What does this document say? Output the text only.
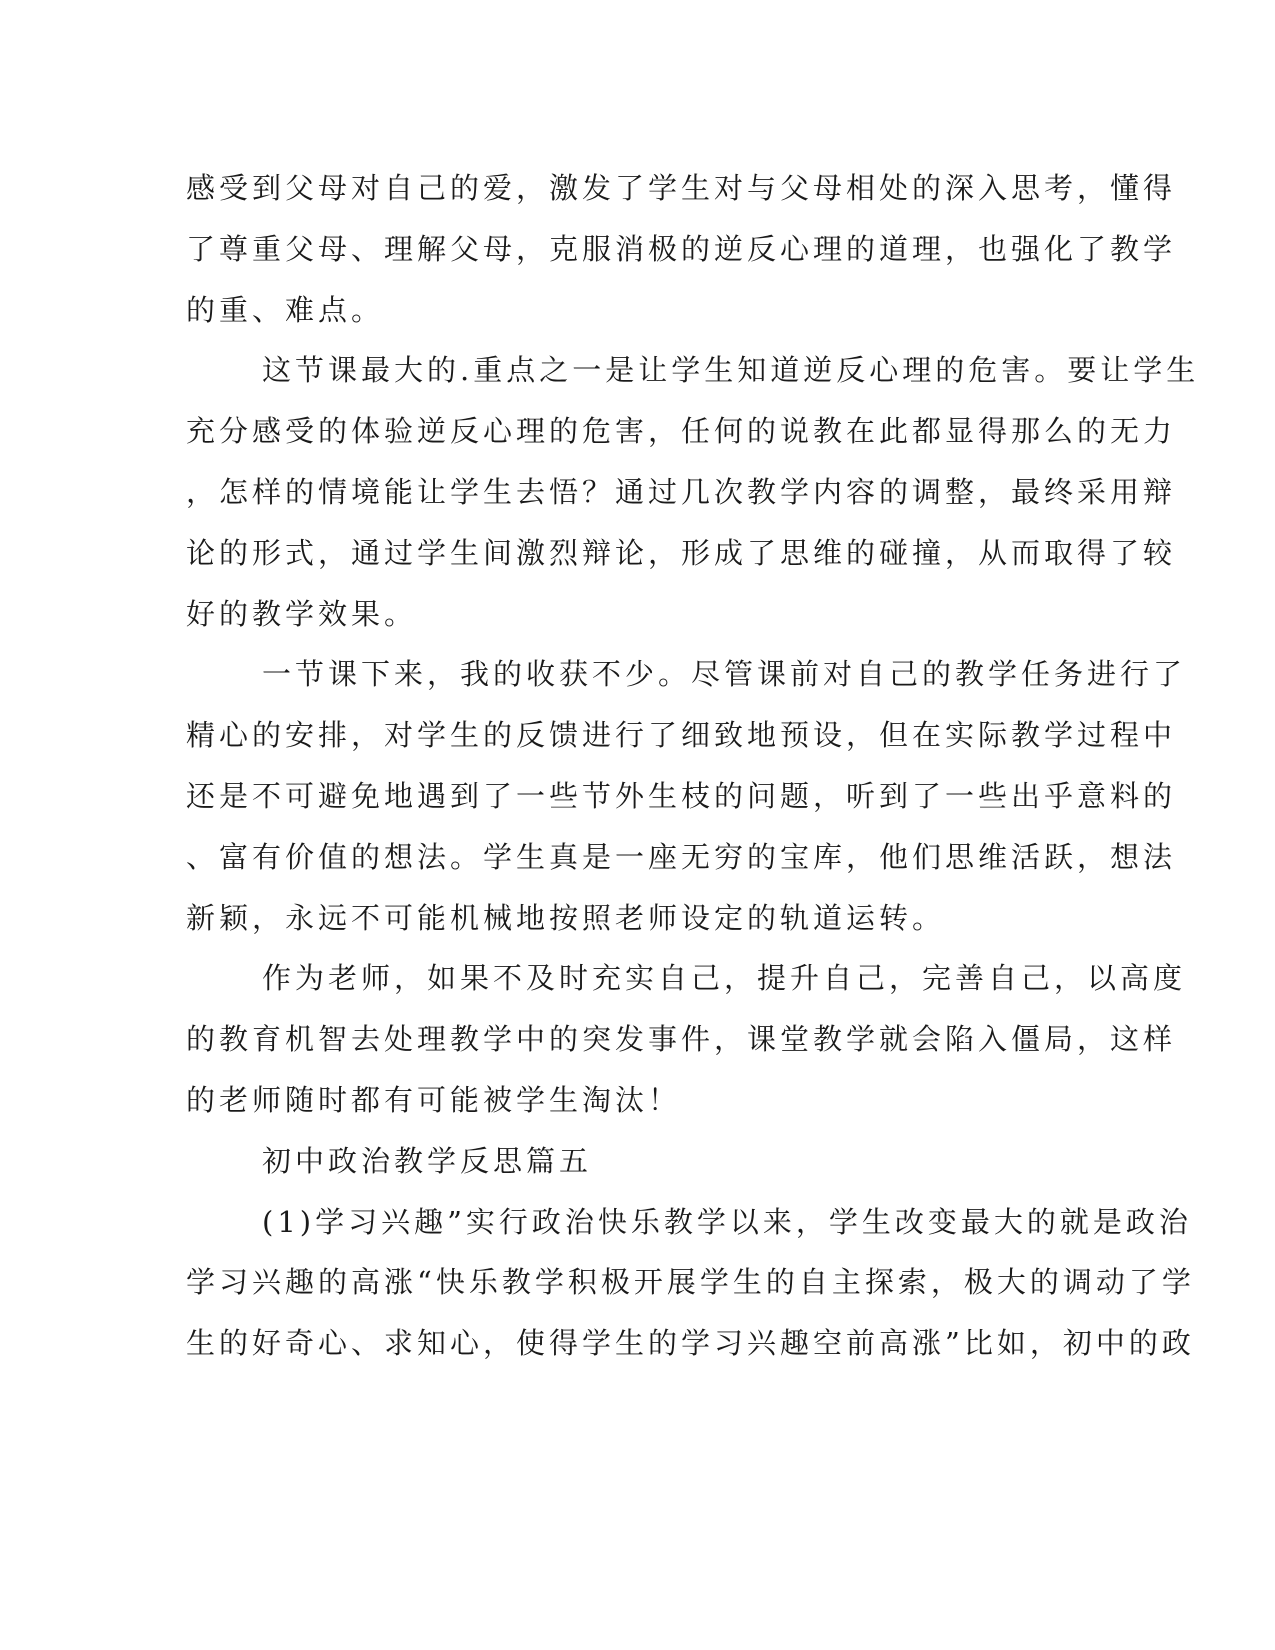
感受到父母对自己的爱，激发了学生对与父母相处的深入思考，懂得
了尊重父母、理解父母，克服消极的逆反心理的道理，也强化了教学
的重、难点。
这节课最大的.重点之一是让学生知道逆反心理的危害。要让学生
充分感受的体验逆反心理的危害，任何的说教在此都显得那么的无力
，怎样的情境能让学生去悟？通过几次教学内容的调整，最终采用辩
论的形式，通过学生间激烈辩论，形成了思维的碰撞，从而取得了较
好的教学效果。
一节课下来，我的收获不少。尽管课前对自己的教学任务进行了
精心的安排，对学生的反馈进行了细致地预设，但在实际教学过程中
还是不可避免地遇到了一些节外生枝的问题，听到了一些出乎意料的
、富有价值的想法。学生真是一座无穷的宝库，他们思维活跃，想法
新颖，永远不可能机械地按照老师设定的轨道运转。
作为老师，如果不及时充实自己，提升自己，完善自己，以高度
的教育机智去处理教学中的突发事件，课堂教学就会陷入僵局，这样
的老师随时都有可能被学生淘汰！
初中政治教学反思篇五
(1)学习兴趣”实行政治快乐教学以来，学生改变最大的就是政治
学习兴趣的高涨“快乐教学积极开展学生的自主探索，极大的调动了学
生的好奇心、求知心，使得学生的学习兴趣空前高涨”比如，初中的政
